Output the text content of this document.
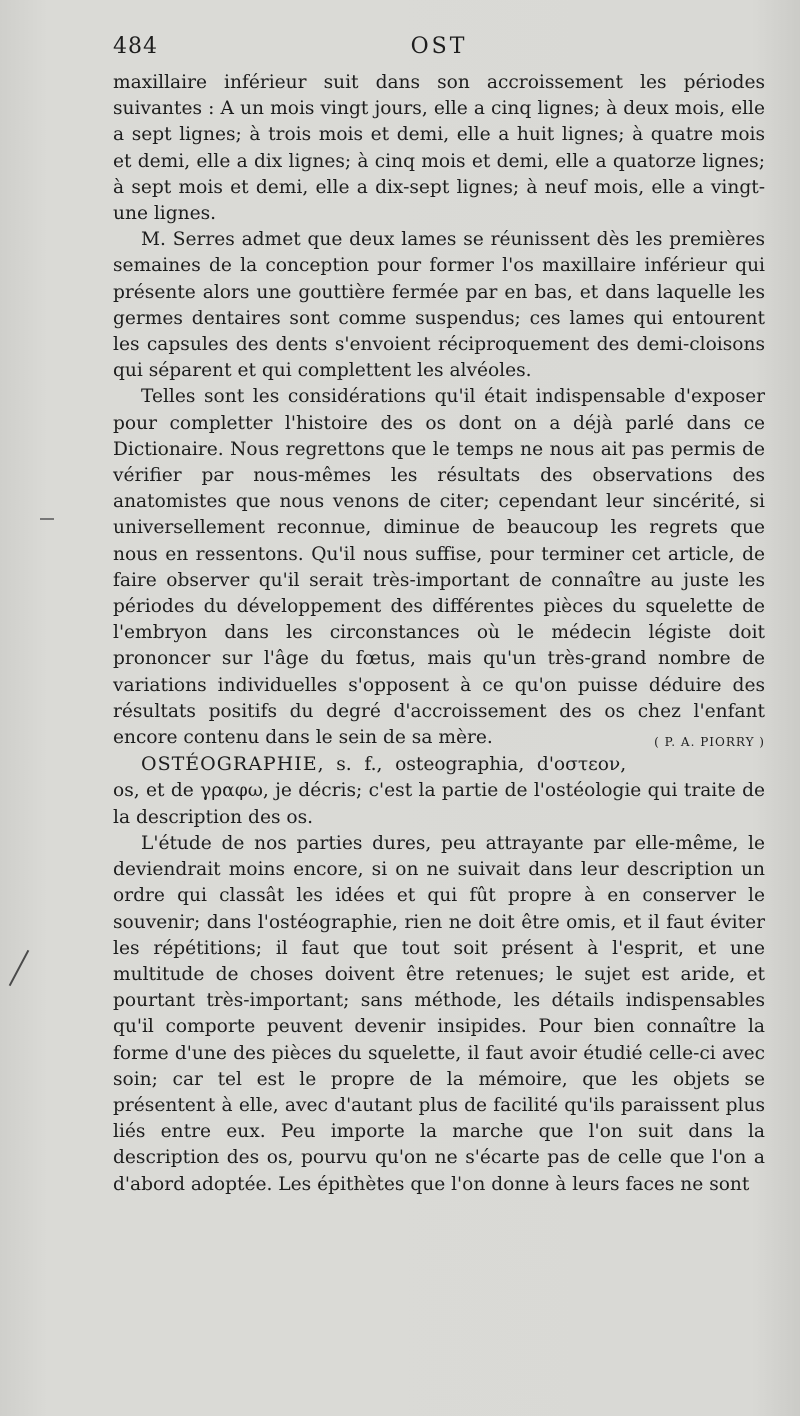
484	OST

maxillaire inférieur suit dans son accroissement les périodes suivantes : A un mois vingt jours, elle a cinq lignes; à deux mois, elle a sept lignes; à trois mois et demi, elle a huit lignes; à quatre mois et demi, elle a dix lignes; à cinq mois et demi, elle a quatorze lignes; à sept mois et demi, elle a dix-sept lignes; à neuf mois, elle a vingt-une lignes.

M. Serres admet que deux lames se réunissent dès les premières semaines de la conception pour former l'os maxillaire inférieur qui présente alors une gouttière fermée par en bas, et dans laquelle les germes dentaires sont comme suspendus; ces lames qui entourent les capsules des dents s'envoient réciproquement des demi-cloisons qui séparent et qui complettent les alvéoles.

Telles sont les considérations qu'il était indispensable d'exposer pour completter l'histoire des os dont on a déjà parlé dans ce Dictionaire. Nous regrettons que le temps ne nous ait pas permis de vérifier par nous-mêmes les résultats des observations des anatomistes que nous venons de citer; cependant leur sincérité, si universellement reconnue, diminue de beaucoup les regrets que nous en ressentons. Qu'il nous suffise, pour terminer cet article, de faire observer qu'il serait très-important de connaître au juste les périodes du développement des différentes pièces du squelette de l'embryon dans les circonstances où le médecin légiste doit prononcer sur l'âge du fœtus, mais qu'un très-grand nombre de variations individuelles s'opposent à ce qu'on puisse déduire des résultats positifs du degré d'accroissement des os chez l'enfant encore contenu dans le sein de sa mère.	( P. A. PIORRY )

OSTÉOGRAPHIE, s. f., osteographia, d'οστεον, os, et de γραφω, je décris; c'est la partie de l'ostéologie qui traite de la description des os.

L'étude de nos parties dures, peu attrayante par elle-même, le deviendrait moins encore, si on ne suivait dans leur description un ordre qui classât les idées et qui fût propre à en conserver le souvenir; dans l'ostéographie, rien ne doit être omis, et il faut éviter les répétitions; il faut que tout soit présent à l'esprit, et une multitude de choses doivent être retenues; le sujet est aride, et pourtant très-important; sans méthode, les détails indispensables qu'il comporte peuvent devenir insipides. Pour bien connaître la forme d'une des pièces du squelette, il faut avoir étudié celle-ci avec soin; car tel est le propre de la mémoire, que les objets se présentent à elle, avec d'autant plus de facilité qu'ils paraissent plus liés entre eux. Peu importe la marche que l'on suit dans la description des os, pourvu qu'on ne s'écarte pas de celle que l'on a d'abord adoptée. Les épithètes que l'on donne à leurs faces ne sont
